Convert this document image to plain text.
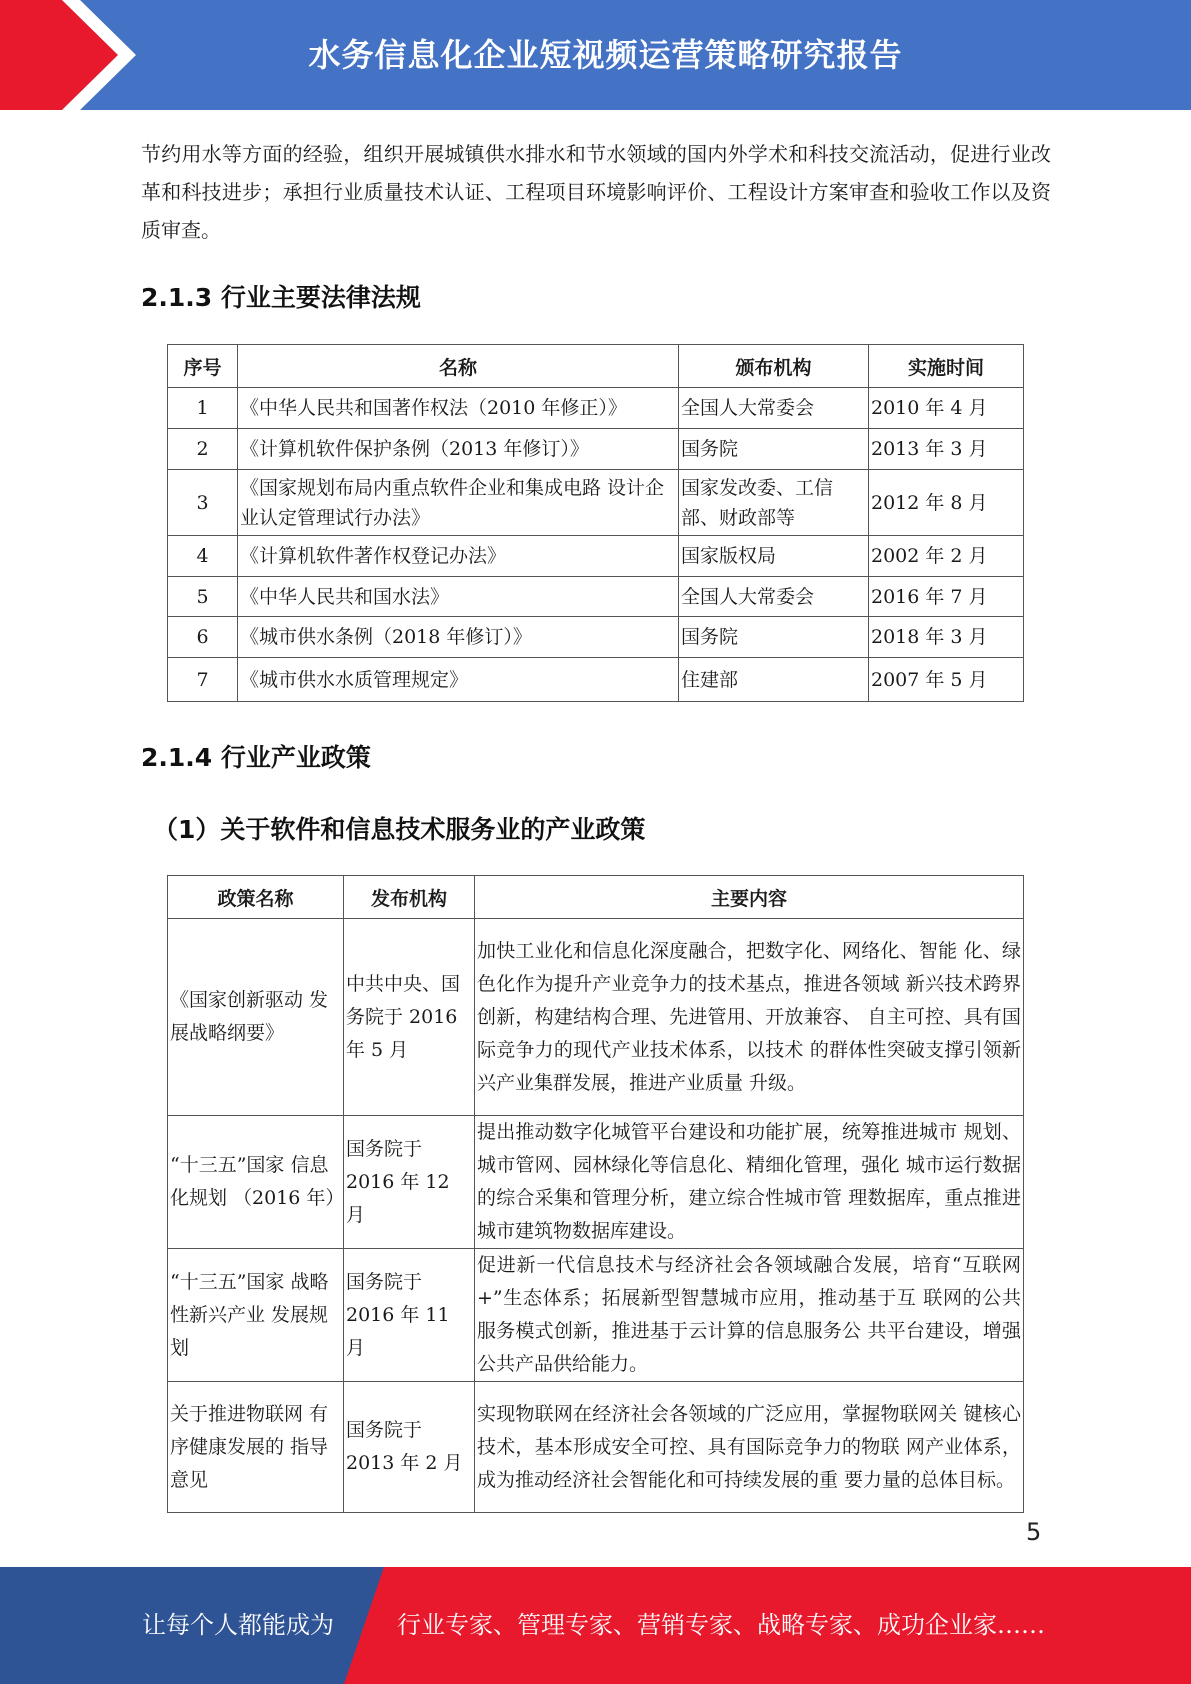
水务信息化企业短视频运营策略研究报告

节约用水等方面的经验，组织开展城镇供水排水和节水领域的国内外学术和科技交流活动，促进行业改革和科技进步；承担行业质量技术认证、工程项目环境影响评价、工程设计方案审查和验收工作以及资质审查。

2.1.3 行业主要法律法规
序号	名称	颁布机构	实施时间
1	《中华人民共和国著作权法（2010 年修正）》	全国人大常委会	2010 年 4 月
2	《计算机软件保护条例（2013 年修订）》	国务院	2013 年 3 月
3	《国家规划布局内重点软件企业和集成电路 设计企业认定管理试行办法》	国家发改委、工信部、财政部等	2012 年 8 月
4	《计算机软件著作权登记办法》	国家版权局	2002 年 2 月
5	《中华人民共和国水法》	全国人大常委会	2016 年 7 月
6	《城市供水条例（2018 年修订）》	国务院	2018 年 3 月
7	《城市供水水质管理规定》	住建部	2007 年 5 月
2.1.4 行业产业政策
（1）关于软件和信息技术服务业的产业政策
政策名称	发布机构	主要内容
《国家创新驱动 发展战略纲要》	中共中央、国务院于 2016 年 5 月	加快工业化和信息化深度融合，把数字化、网络化、智能 化、绿色化作为提升产业竞争力的技术基点，推进各领域 新兴技术跨界创新，构建结构合理、先进管用、开放兼容、 自主可控、具有国际竞争力的现代产业技术体系，以技术 的群体性突破支撑引领新兴产业集群发展，推进产业质量 升级。
“十三五”国家 信息化规划 （2016 年）	国务院于 2016 年 12 月	提出推动数字化城管平台建设和功能扩展，统筹推进城市 规划、城市管网、园林绿化等信息化、精细化管理，强化 城市运行数据的综合采集和管理分析，建立综合性城市管 理数据库，重点推进城市建筑物数据库建设。
“十三五”国家 战略性新兴产业 发展规划	国务院于 2016 年 11 月	促进新一代信息技术与经济社会各领域融合发展，培育“互联网+”生态体系；拓展新型智慧城市应用，推动基于互 联网的公共服务模式创新，推进基于云计算的信息服务公 共平台建设，增强公共产品供给能力。
关于推进物联网 有序健康发展的 指导意见	国务院于 2013 年 2 月	实现物联网在经济社会各领域的广泛应用，掌握物联网关 键核心技术，基本形成安全可控、具有国际竞争力的物联 网产业体系，成为推动经济社会智能化和可持续发展的重 要力量的总体目标。
5
让每个人都能成为	行业专家、管理专家、营销专家、战略专家、成功企业家……
